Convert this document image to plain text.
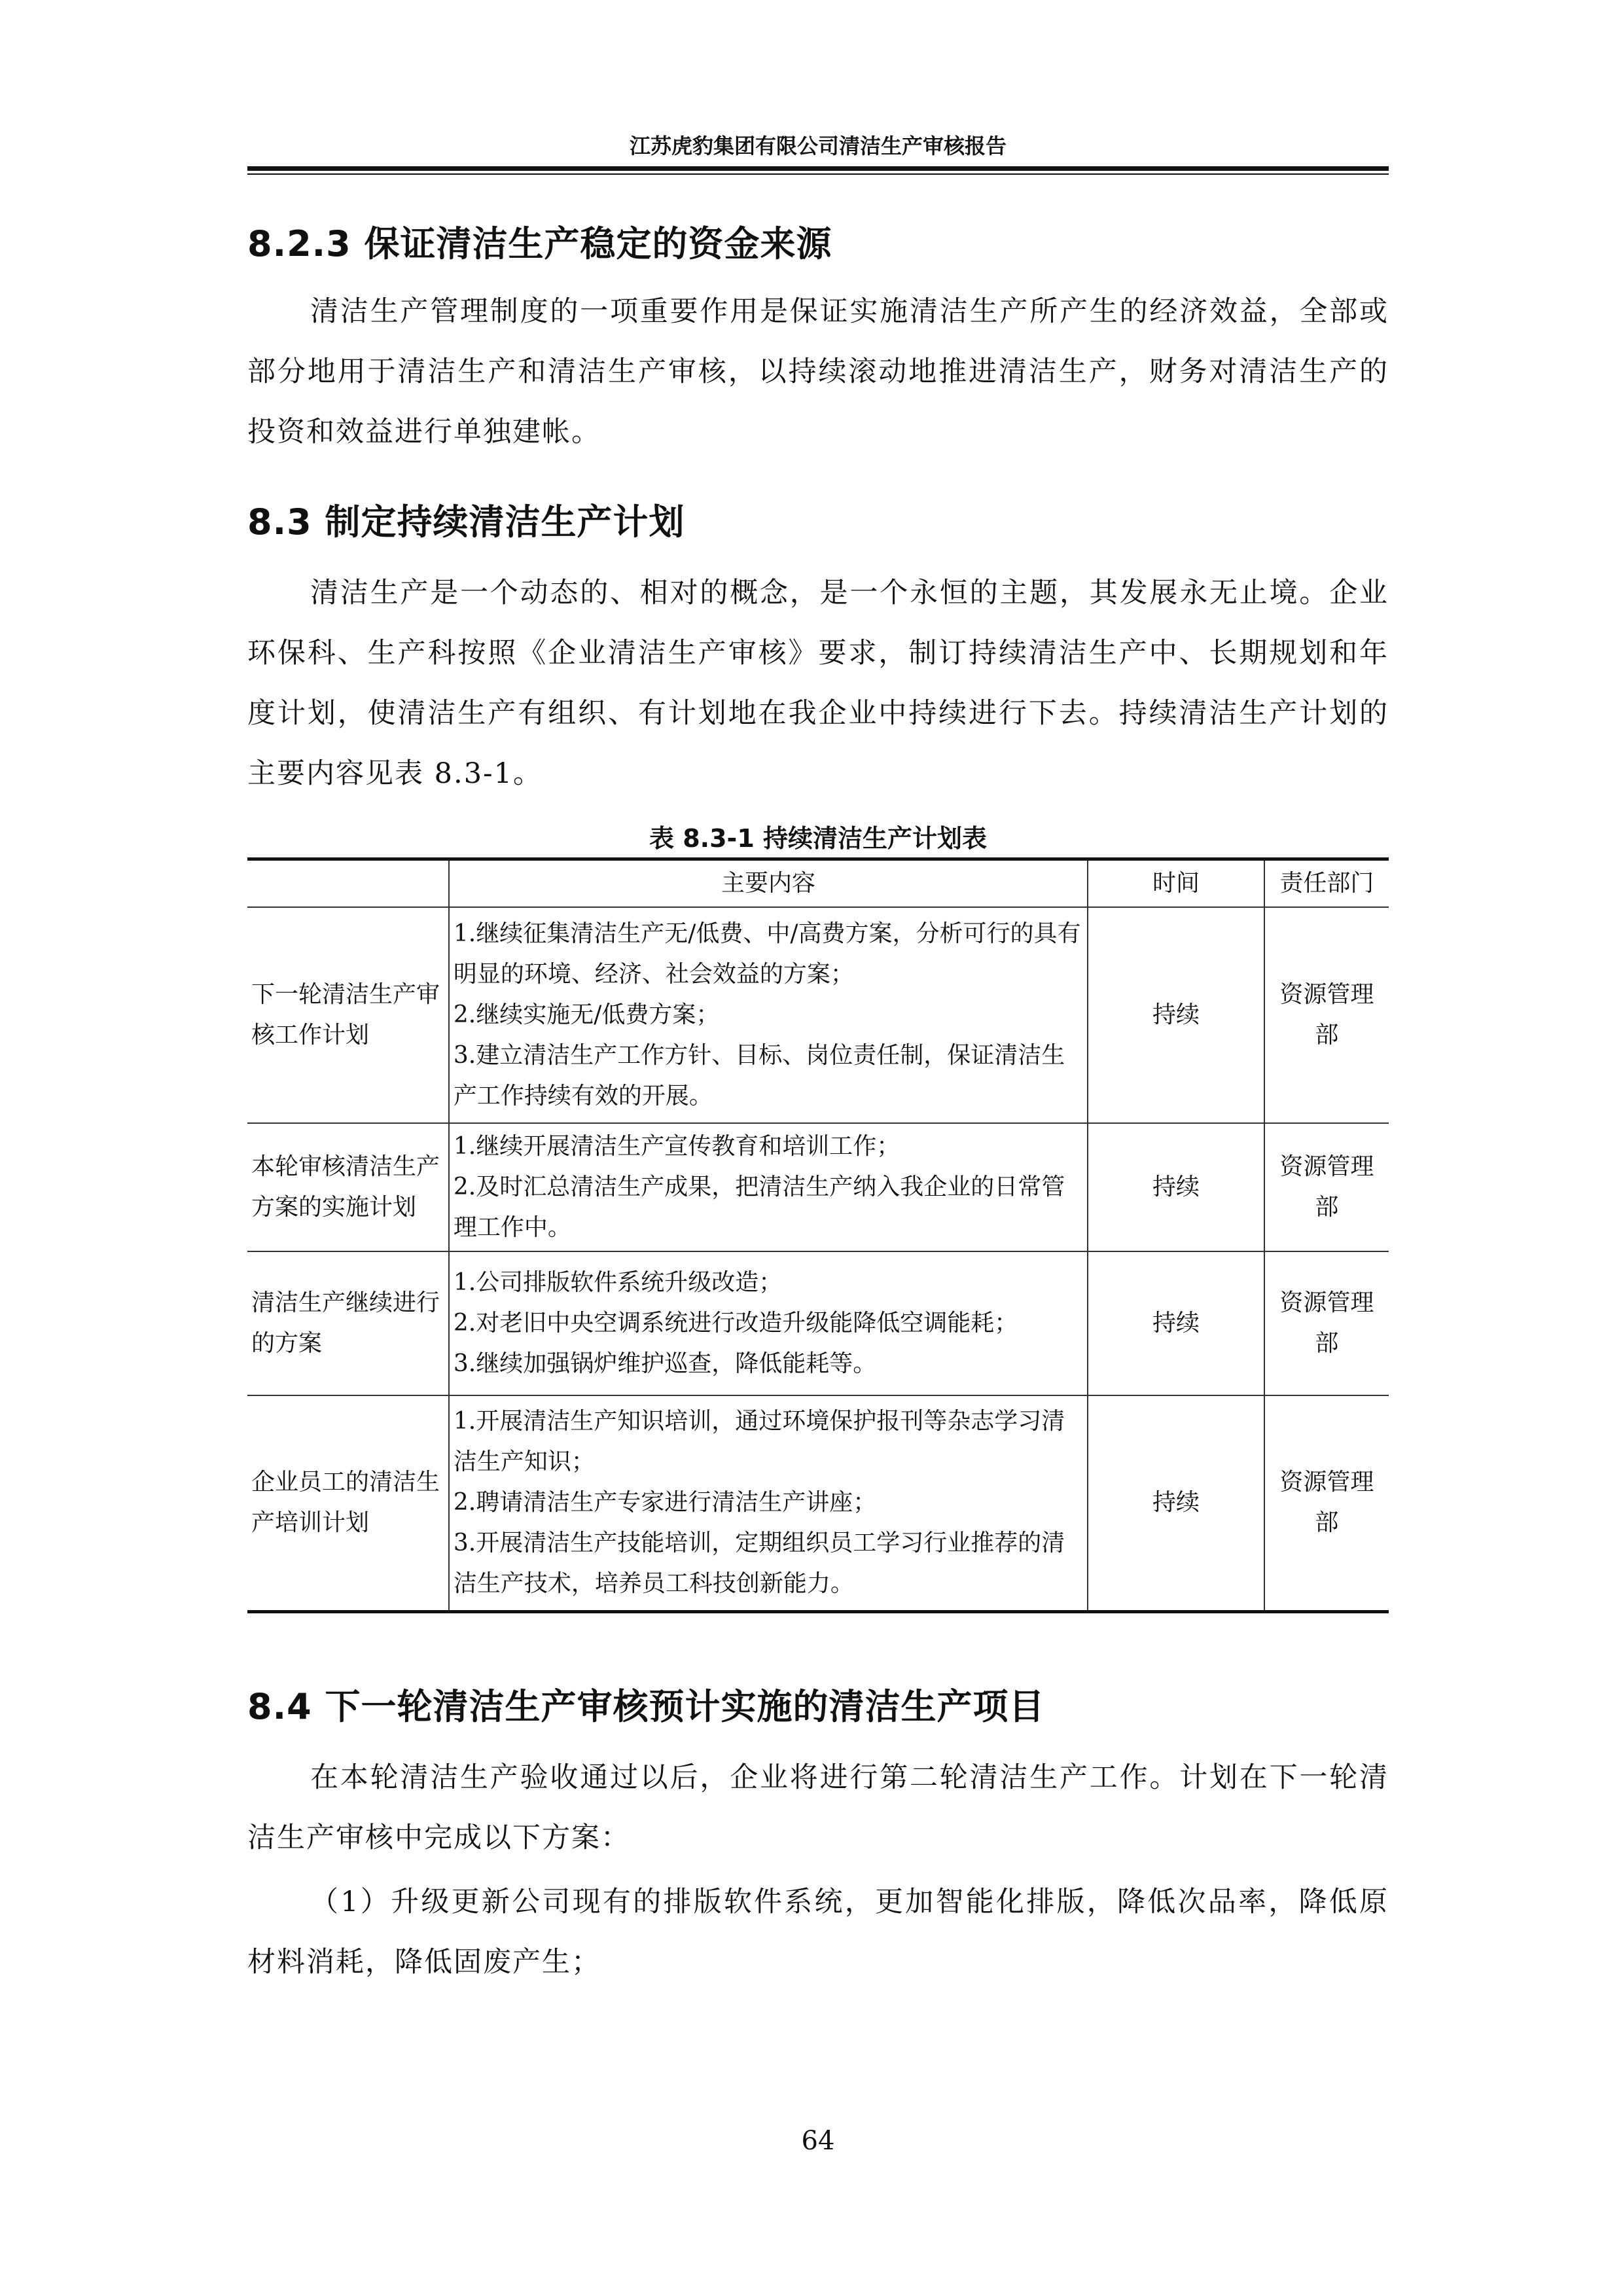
江苏虎豹集团有限公司清洁生产审核报告
8.2.3 保证清洁生产稳定的资金来源

清洁生产管理制度的一项重要作用是保证实施清洁生产所产生的经济效益，全部或部分地用于清洁生产和清洁生产审核，以持续滚动地推进清洁生产，财务对清洁生产的投资和效益进行单独建帐。

8.3 制定持续清洁生产计划

清洁生产是一个动态的、相对的概念，是一个永恒的主题，其发展永无止境。企业环保科、生产科按照《企业清洁生产审核》要求，制订持续清洁生产中、长期规划和年度计划，使清洁生产有组织、有计划地在我企业中持续进行下去。持续清洁生产计划的主要内容见表 8.3-1。

表 8.3-1 持续清洁生产计划表
	主要内容	时间	责任部门
下一轮清洁生产审核工作计划	1.继续征集清洁生产无/低费、中/高费方案，分析可行的具有明显的环境、经济、社会效益的方案；
2.继续实施无/低费方案；
3.建立清洁生产工作方针、目标、岗位责任制，保证清洁生产工作持续有效的开展。	持续	资源管理部
本轮审核清洁生产方案的实施计划	1.继续开展清洁生产宣传教育和培训工作；
2.及时汇总清洁生产成果，把清洁生产纳入我企业的日常管理工作中。	持续	资源管理部
清洁生产继续进行的方案	1.公司排版软件系统升级改造；
2.对老旧中央空调系统进行改造升级能降低空调能耗；
3.继续加强锅炉维护巡查，降低能耗等。	持续	资源管理部
企业员工的清洁生产培训计划	1.开展清洁生产知识培训，通过环境保护报刊等杂志学习清洁生产知识；
2.聘请清洁生产专家进行清洁生产讲座；
3.开展清洁生产技能培训，定期组织员工学习行业推荐的清洁生产技术，培养员工科技创新能力。	持续	资源管理部
8.4 下一轮清洁生产审核预计实施的清洁生产项目

在本轮清洁生产验收通过以后，企业将进行第二轮清洁生产工作。计划在下一轮清洁生产审核中完成以下方案：

（1）升级更新公司现有的排版软件系统，更加智能化排版，降低次品率，降低原材料消耗，降低固废产生；

64
